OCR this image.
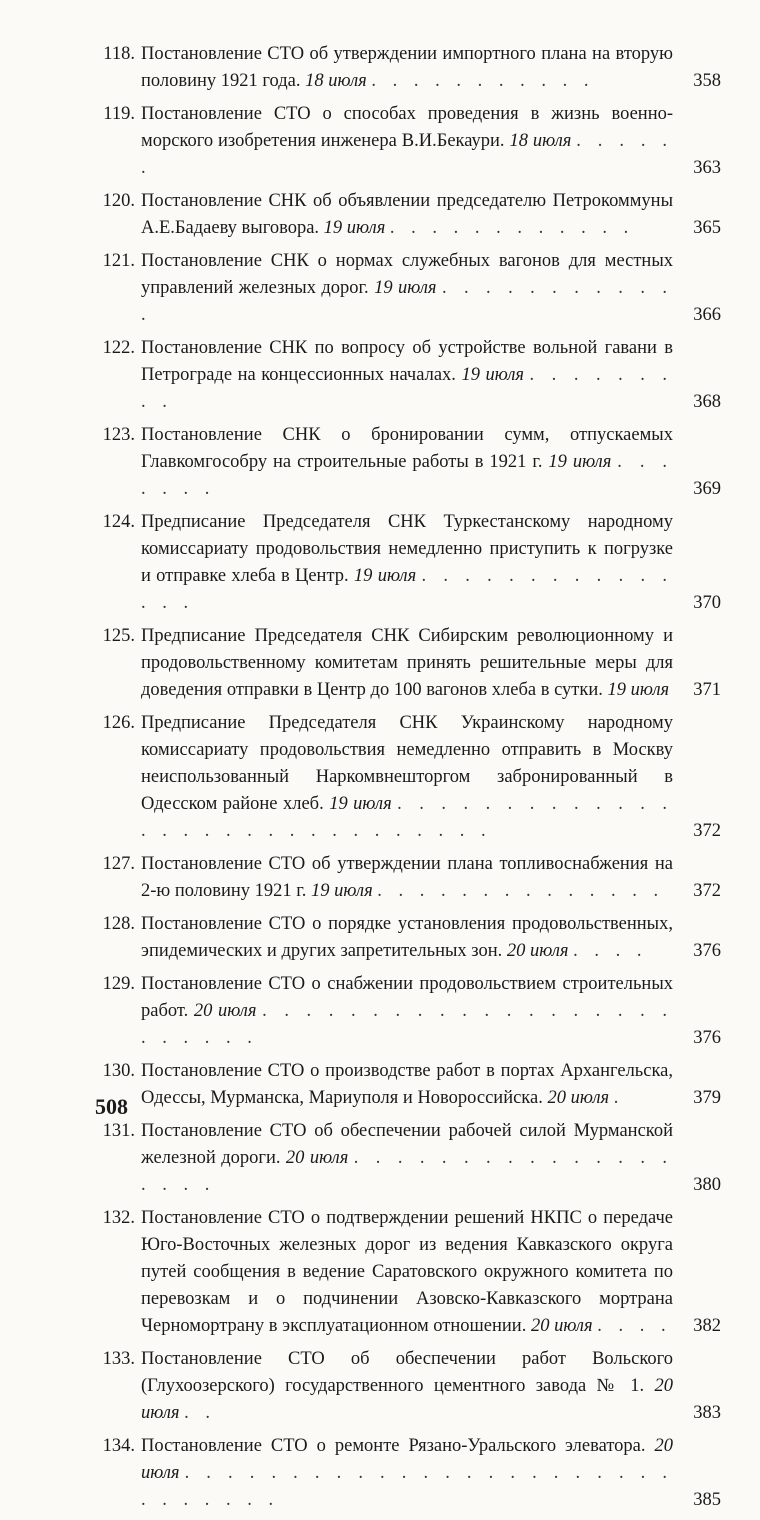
118. Постановление СТО об утверждении импортного плана на вторую половину 1921 года. 18 июля . . . . . . . . . . .	358
119. Постановление СТО о способах проведения в жизнь военно-морского изобретения инженера В.И.Бекаури. 18 июля . . . . . .	363
120. Постановление СНК об объявлении председателю Петрокоммуны А.Е.Бадаеву выговора. 19 июля . . . . . . . . . . . .	365
121. Постановление СНК о нормах служебных вагонов для местных управлений железных дорог. 19 июля . . . . . . . . . . . .	366
122. Постановление СНК по вопросу об устройстве вольной гавани в Петрограде на концессионных началах. 19 июля . . . . . . . . .	368
123. Постановление СНК о бронировании сумм, отпускаемых Главкомгособру на строительные работы в 1921 г. 19 июля . . . . . . .	369
124. Предписание Председателя СНК Туркестанскому народному комиссариату продовольствия немедленно приступить к погрузке и отправке хлеба в Центр. 19 июля . . . . . . . . . . . . . . .	370
125. Предписание Председателя СНК Сибирским революционному и продовольственному комитетам принять решительные меры для доведения отправки в Центр до 100 вагонов хлеба в сутки. 19 июля	371
126. Предписание Председателя СНК Украинскому народному комиссариату продовольствия немедленно отправить в Москву неиспользованный Наркомвнешторгом забронированный в Одесском районе хлеб. 19 июля . . . . . . . . . . . . . . . . . . . . . . . . . . . . . .	372
127. Постановление СТО об утверждении плана топливоснабжения на 2-ю половину 1921 г. 19 июля . . . . . . . . . . . . . .	372
128. Постановление СТО о порядке установления продовольственных, эпидемических и других запретительных зон. 20 июля . . . .	376
129. Постановление СТО о снабжении продовольствием строительных работ. 20 июля . . . . . . . . . . . . . . . . . . . . . . . . .	376
130. Постановление СТО о производстве работ в портах Архангельска, Одессы, Мурманска, Мариуполя и Новороссийска. 20 июля .	379
131. Постановление СТО об обеспечении рабочей силой Мурманской железной дороги. 20 июля . . . . . . . . . . . . . . . . . . .	380
132. Постановление СТО о подтверждении решений НКПС о передаче Юго-Восточных железных дорог из ведения Кавказского округа путей сообщения в ведение Саратовского окружного комитета по перевозкам и о подчинении Азовско-Кавказского мортрана Черномортрану в эксплуатационном отношении. 20 июля . . . .	382
133. Постановление СТО об обеспечении работ Вольского (Глухоозерского) государственного цементного завода № 1. 20 июля . .	383
134. Постановление СТО о ремонте Рязано-Уральского элеватора. 20 июля . . . . . . . . . . . . . . . . . . . . . . . . . . . . . .	385
508
